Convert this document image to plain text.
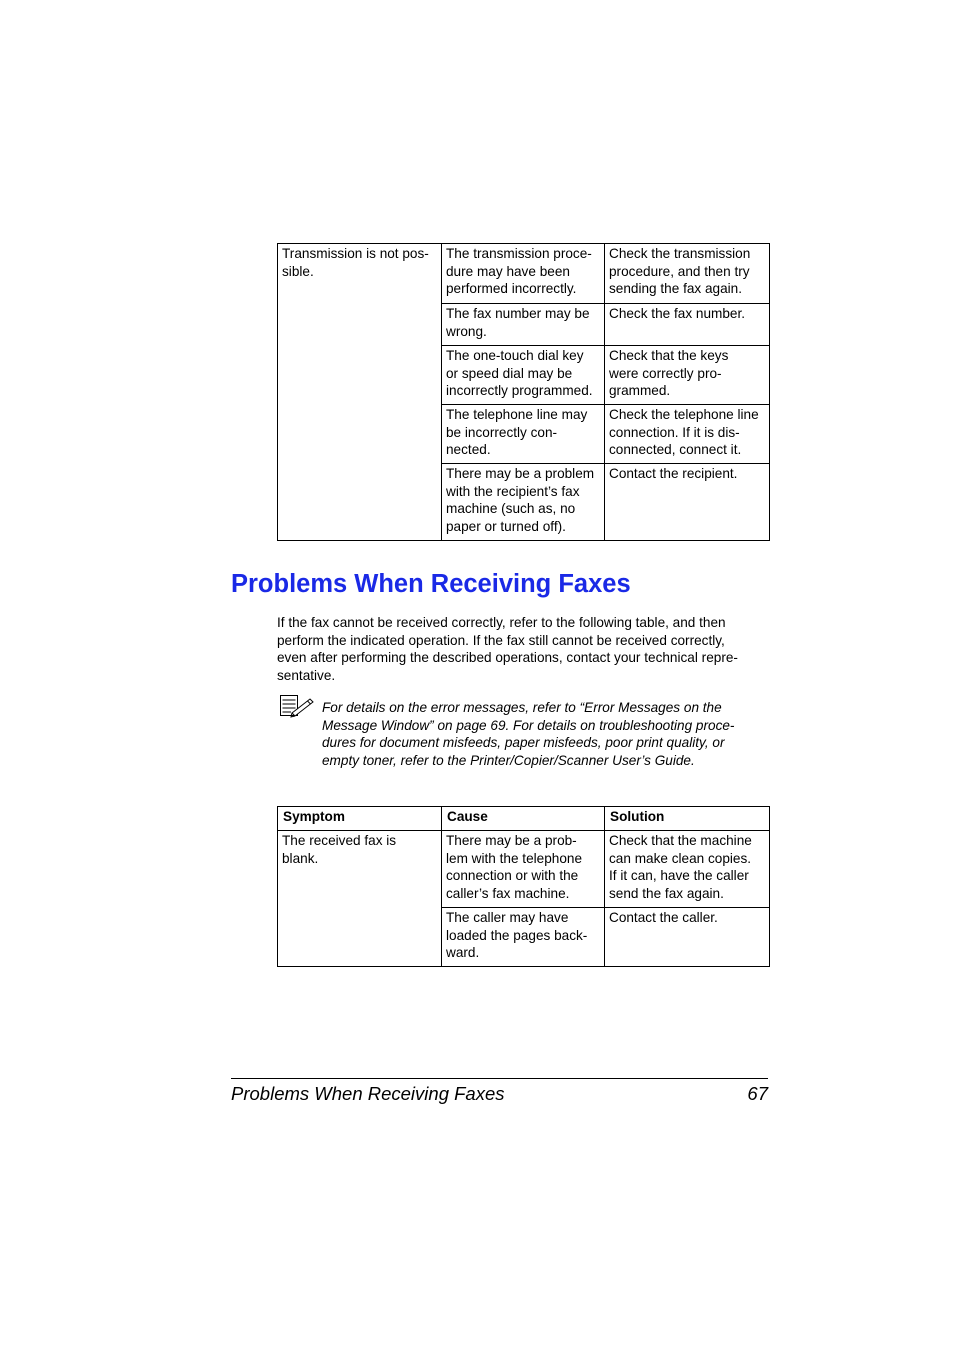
Transmission is not pos-
sible.	The transmission proce-
dure may have been
performed incorrectly.	Check the transmission
procedure, and then try
sending the fax again.
	The fax number may be
wrong.	Check the fax number.
	The one-touch dial key
or speed dial may be
incorrectly programmed.	Check that the keys
were correctly pro-
grammed.
	The telephone line may
be incorrectly con-
nected.	Check the telephone line
connection. If it is dis-
connected, connect it.
	There may be a problem
with the recipient’s fax
machine (such as, no
paper or turned off).	Contact the recipient.
Problems When Receiving Faxes

If the fax cannot be received correctly, refer to the following table, and then
perform the indicated operation. If the fax still cannot be received correctly,
even after performing the described operations, contact your technical repre-
sentative.

For details on the error messages, refer to “Error Messages on the
Message Window” on page 69. For details on troubleshooting proce-
dures for document misfeeds, paper misfeeds, poor print quality, or
empty toner, refer to the Printer/Copier/Scanner User’s Guide.

Symptom	Cause	Solution
The received fax is
blank.	There may be a prob-
lem with the telephone
connection or with the
caller’s fax machine.	Check that the machine
can make clean copies.
If it can, have the caller
send the fax again.
	The caller may have
loaded the pages back-
ward.	Contact the caller.
Problems When Receiving Faxes	67
